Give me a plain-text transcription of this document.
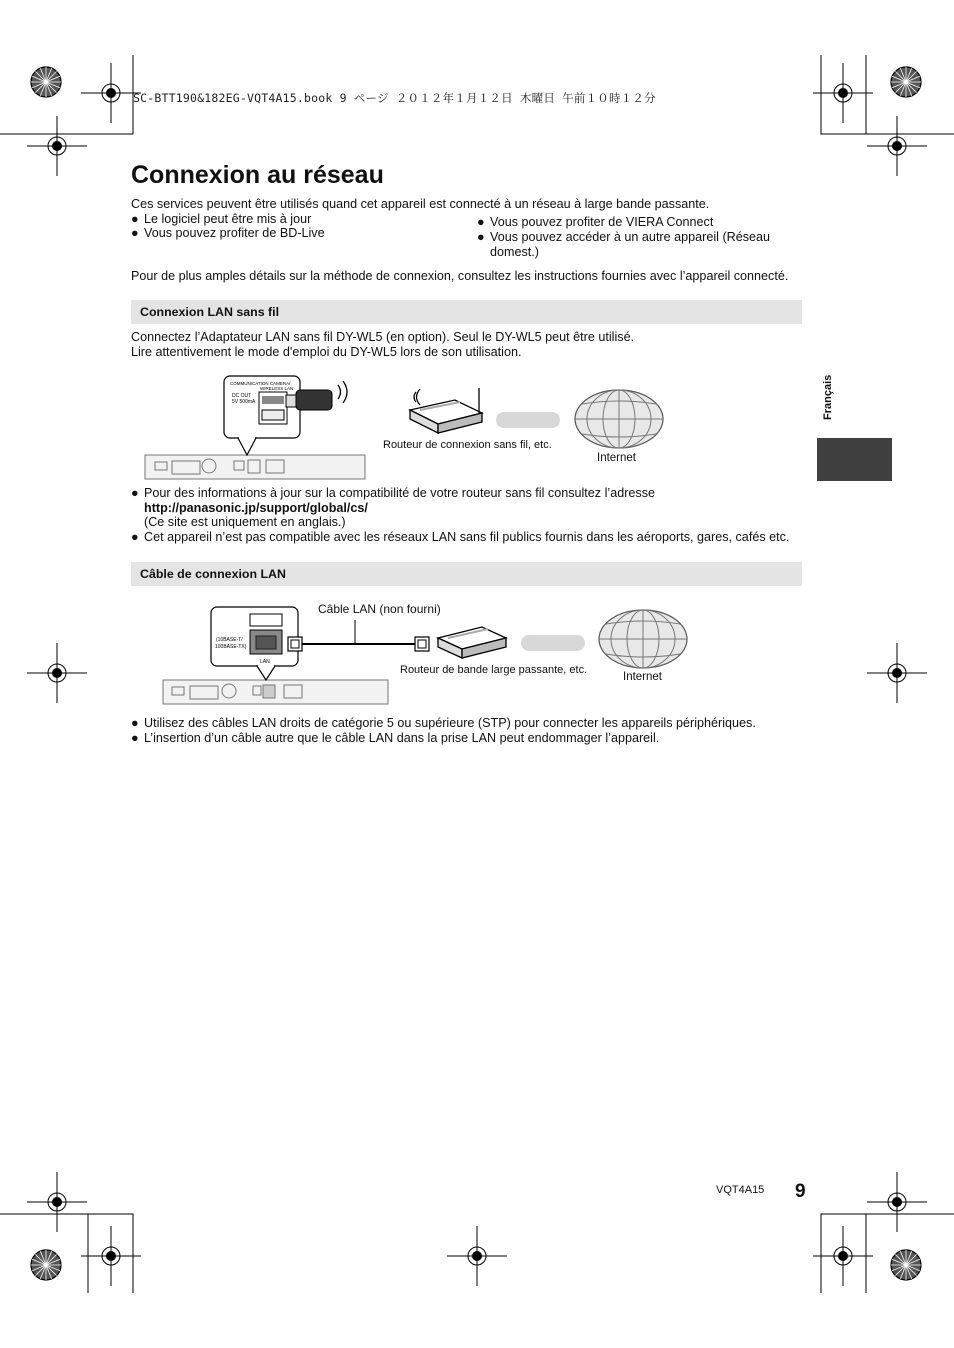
SC-BTT190&182EG-VQT4A15.book 9 ページ ２０１２年１月１２日 木曜日 午前１０時１２分
Connexion au réseau
Ces services peuvent être utilisés quand cet appareil est connecté à un réseau à large bande passante.
● Le logiciel peut être mis à jour
● Vous pouvez profiter de BD-Live
● Vous pouvez profiter de VIERA Connect
● Vous pouvez accéder à un autre appareil (Réseau
domest.)
Pour de plus amples détails sur la méthode de connexion, consultez les instructions fournies avec l’appareil connecté.
Connexion LAN sans fil
Connectez l’Adaptateur LAN sans fil DY-WL5 (en option). Seul le DY-WL5 peut être utilisé.
Lire attentivement le mode d'emploi du DY-WL5 lors de son utilisation.
COMMUNICATION CAMERA/
WIRELESS LAN
DC OUT
5V 500mA
Routeur de connexion sans fil, etc.
Internet
● Pour des informations à jour sur la compatibilité de votre routeur sans fil consultez l’adresse
http://panasonic.jp/support/global/cs/
(Ce site est uniquement en anglais.)
● Cet appareil n’est pas compatible avec les réseaux LAN sans fil publics fournis dans les aéroports, gares, cafés etc.
Câble de connexion LAN
(10BASE-T/
100BASE-TX)
LAN
Câble LAN (non fourni)
Routeur de bande large passante, etc.
Internet
● Utilisez des câbles LAN droits de catégorie 5 ou supérieure (STP) pour connecter les appareils périphériques.
● L’insertion d’un câble autre que le câble LAN dans la prise LAN peut endommager l’appareil.
Français
VQT4A15 9
